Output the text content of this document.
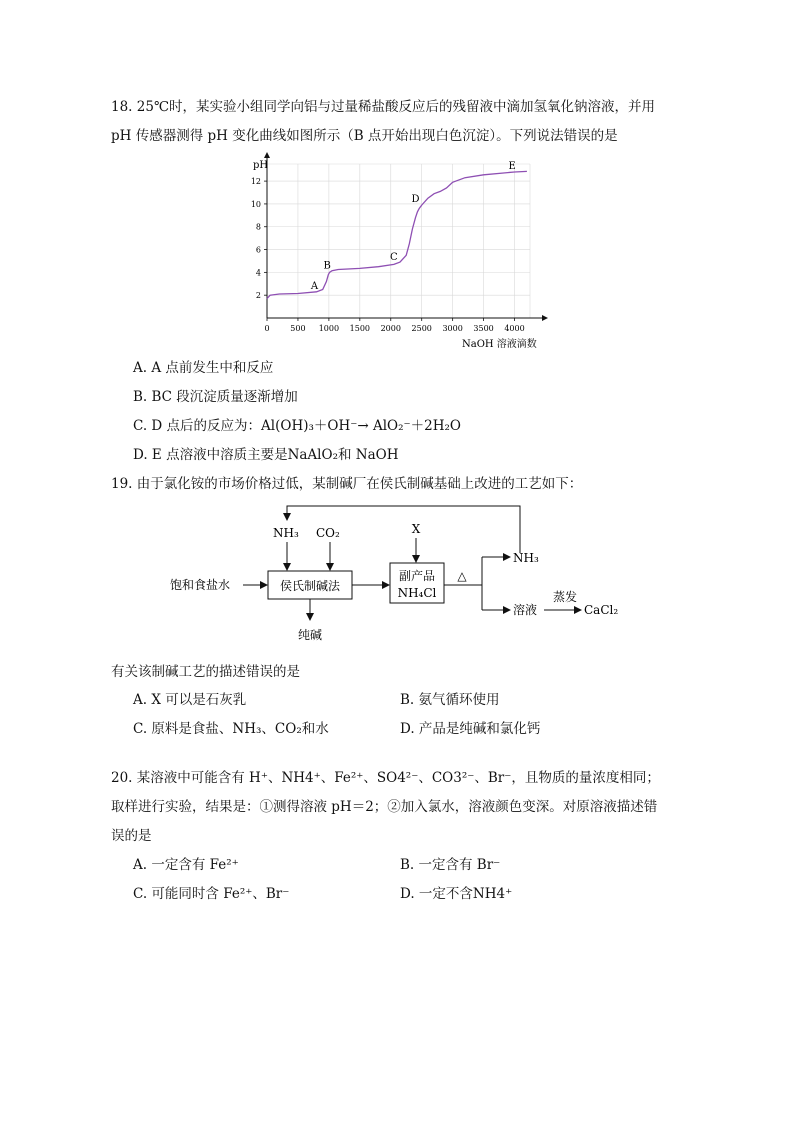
18. 25℃时，某实验小组同学向铝与过量稀盐酸反应后的残留液中滴加氢氧化钠溶液，并用
pH 传感器测得 pH 变化曲线如图所示（B 点开始出现白色沉淀）。下列说法错误的是
0	500 1000 1500 2000 2500 3000 3500 4000
2
4
6
8
10
12
A
B
C
D
E
pH
NaOH 溶液滴数
A. A 点前发生中和反应
B. BC 段沉淀质量逐渐增加
C. D 点后的反应为：Al(OH)₃＋OH⁻→ AlO₂⁻＋2H₂O
D. E 点溶液中溶质主要是NaAlO₂和 NaOH
19. 由于氯化铵的市场价格过低，某制碱厂在侯氏制碱基础上改进的工艺如下：
NH₃ CO₂
饱和食盐水	侯氏制碱法
纯碱
X
副产品
NH₄Cl
△
NH₃
溶液
蒸发
CaCl₂
有关该制碱工艺的描述错误的是
A. X 可以是石灰乳	B. 氨气循环使用
C. 原料是食盐、NH₃、CO₂和水	D. 产品是纯碱和氯化钙
20. 某溶液中可能含有 H⁺、NH4⁺、Fe²⁺、SO4²⁻、CO3²⁻、Br⁻，且物质的量浓度相同；
取样进行实验，结果是：①测得溶液 pH＝2；②加入氯水，溶液颜色变深。对原溶液描述错
误的是
A. 一定含有 Fe²⁺	B. 一定含有 Br⁻
C. 可能同时含 Fe²⁺、Br⁻	D. 一定不含NH4⁺
